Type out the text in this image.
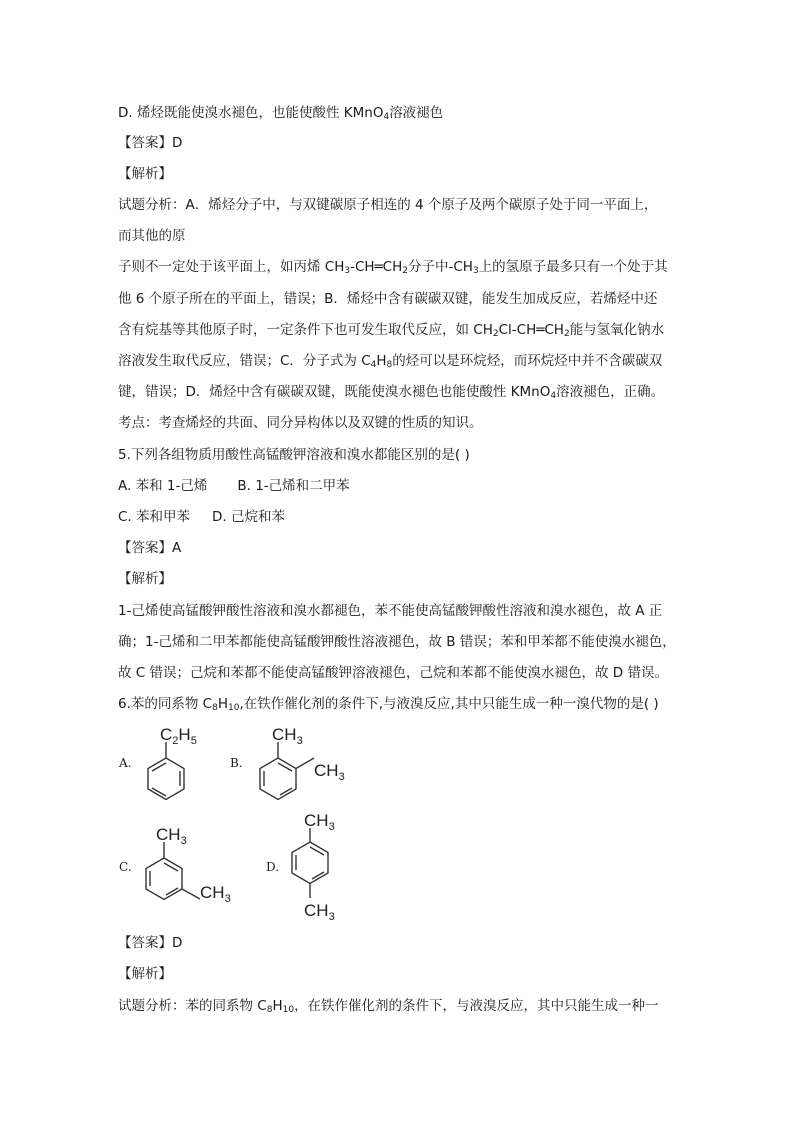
D. 烯烃既能使溴水褪色，也能使酸性 KMnO$_4$溶液褪色
【答案】D
【解析】
试题分析：A．烯烃分子中，与双键碳原子相连的 4 个原子及两个碳原子处于同一平面上，
而其他的原
子则不一定处于该平面上，如丙烯 $CH_3-CH═CH_2$分子中$-CH_3$上的氢原子最多只有一个处于其
他 6 个原子所在的平面上，错误；B．烯烃中含有碳碳双键，能发生加成反应，若烯烃中还
含有烷基等其他原子时，一定条件下也可发生取代反应，如 $CH_2Cl-CH═CH_2$能与氢氧化钠水
溶液发生取代反应，错误；C．分子式为 $C_4H_8$的烃可以是环烷烃，而环烷烃中并不含碳碳双
键，错误；D．烯烃中含有碳碳双键，既能使溴水褪色也能使酸性 KMnO$_4$溶液褪色，正确。
考点：考查烯烃的共面、同分异构体以及双键的性质的知识。
5.下列各组物质用酸性高锰酸钾溶液和溴水都能区别的是( )
A. 苯和 1-己烯 B. 1-己烯和二甲苯
C. 苯和甲苯 D. 己烷和苯
【答案】A
【解析】
1-己烯使高锰酸钾酸性溶液和溴水都褪色，苯不能使高锰酸钾酸性溶液和溴水褪色，故 A 正
确；1-己烯和二甲苯都能使高锰酸钾酸性溶液褪色，故 B 错误；苯和甲苯都不能使溴水褪色，
故 C 错误；己烷和苯都不能使高锰酸钾溶液褪色，己烷和苯都不能使溴水褪色，故 D 错误。
6.苯的同系物 $C_8H_{10}$,在铁作催化剂的条件下,与液溴反应,其中只能生成一种一溴代物的是( )
A.	B.
C.	D.
$C_2H_5$	$CH_3$
$CH_3$
$CH_3$
$CH_3$
$CH_3$
$CH_3$
【答案】D
【解析】
试题分析：苯的同系物 $C_8H_{10}$，在铁作催化剂的条件下，与液溴反应，其中只能生成一种一
